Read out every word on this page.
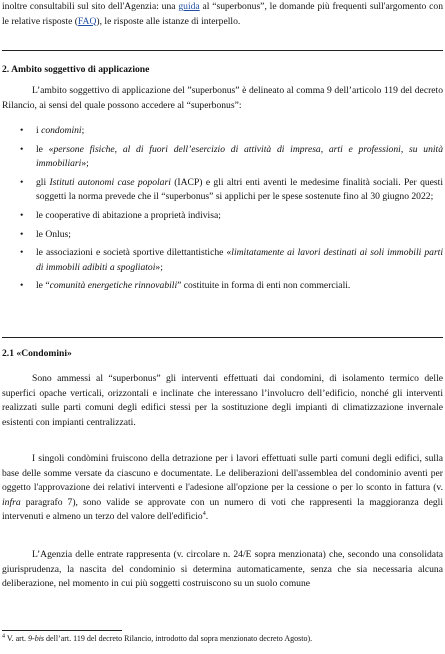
inoltre consultabili sul sito dell'Agenzia: una guida al “superbonus”, le domande più frequenti sull'argomento con le relative risposte (FAQ), le risposte alle istanze di interpello.

2. Ambito soggettivo di applicazione

L’ambito soggettivo di applicazione del ”superbonus” è delineato al comma 9 dell’articolo 119 del decreto Rilancio, ai sensi del quale possono accedere al “superbonus”:

• i condomini;
• le «persone fisiche, al di fuori dell’esercizio di attività di impresa, arti e professioni, su unità immobiliari»;
• gli Istituti autonomi case popolari (IACP) e gli altri enti aventi le medesime finalità sociali. Per questi soggetti la norma prevede che il “superbonus” si applichi per le spese sostenute fino al 30 giugno 2022;
• le cooperative di abitazione a proprietà indivisa;
• le Onlus;
• le associazioni e società sportive dilettantistiche «limitatamente ai lavori destinati ai soli immobili parti di immobili adibiti a spogliatoi»;
• le “comunità energetiche rinnovabili” costituite in forma di enti non commerciali.

2.1 «Condomini»

Sono ammessi al “superbonus” gli interventi effettuati dai condomini, di isolamento termico delle superfici opache verticali, orizzontali e inclinate che interessano l’involucro dell’edificio, nonché gli interventi realizzati sulle parti comuni degli edifici stessi per la sostituzione degli impianti di climatizzazione invernale esistenti con impianti centralizzati.

I singoli condòmini fruiscono della detrazione per i lavori effettuati sulle parti comuni degli edifici, sulla base delle somme versate da ciascuno e documentate. Le deliberazioni dell'assemblea del condominio aventi per oggetto l'approvazione dei relativi interventi e l'adesione all'opzione per la cessione o per lo sconto in fattura (v. infra paragrafo 7), sono valide se approvate con un numero di voti che rappresenti la maggioranza degli intervenuti e almeno un terzo del valore dell'edificio$^4$.

L’Agenzia delle entrate rappresenta (v. circolare n. 24/E sopra menzionata) che, secondo una consolidata giurisprudenza, la nascita del condominio si determina automaticamente, senza che sia necessaria alcuna deliberazione, nel momento in cui più soggetti costruiscono su un suolo comune

$^4$ V. art. 9-bis dell’art. 119 del decreto Rilancio, introdotto dal sopra menzionato decreto Agosto).
